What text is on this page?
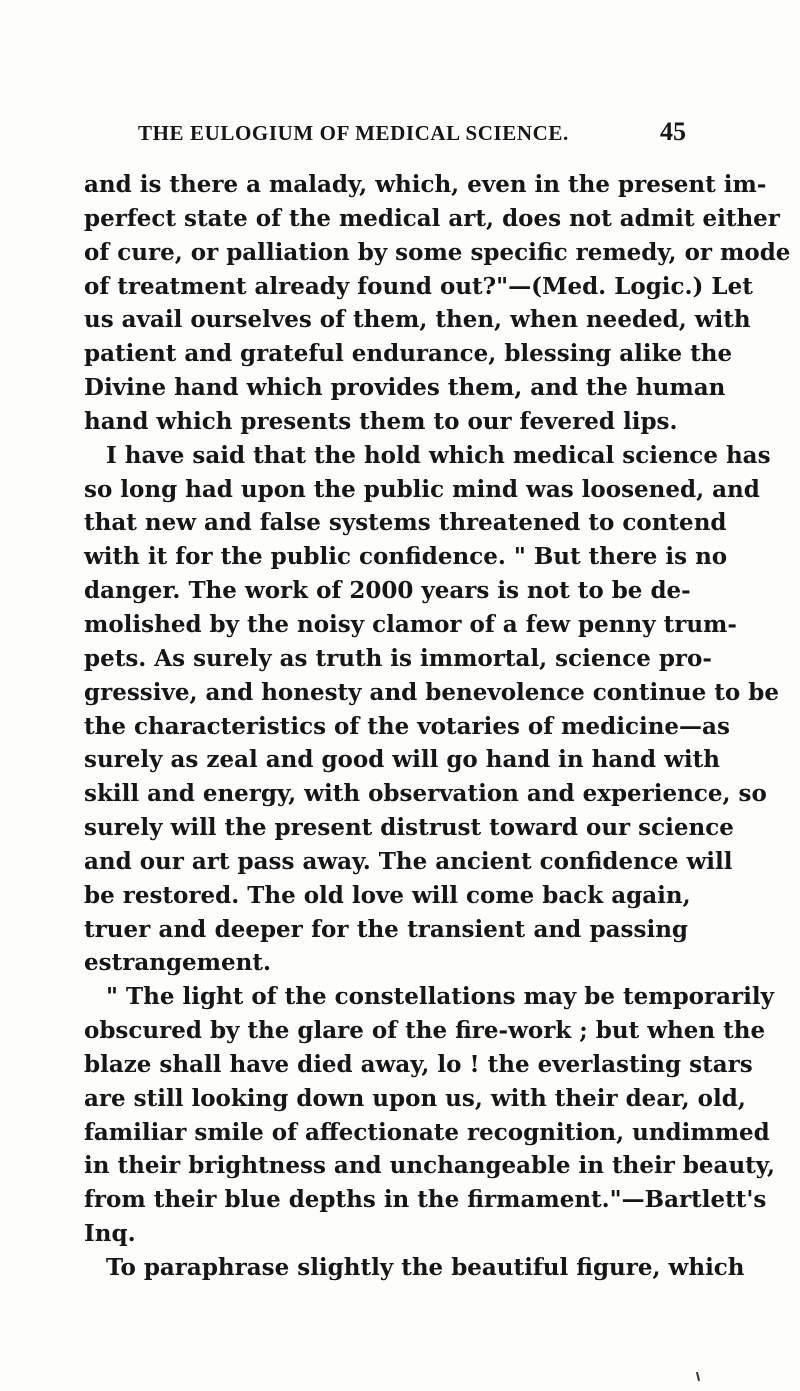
THE EULOGIUM OF MEDICAL SCIENCE.	45
and is there a malady, which, even in the present im-
perfect state of the medical art, does not admit either
of cure, or palliation by some specific remedy, or mode
of treatment already found out?"—(Med. Logic.) Let
us avail ourselves of them, then, when needed, with
patient and grateful endurance, blessing alike the
Divine hand which provides them, and the human
hand which presents them to our fevered lips.
I have said that the hold which medical science has
so long had upon the public mind was loosened, and
that new and false systems threatened to contend
with it for the public confidence. " But there is no
danger. The work of 2000 years is not to be de-
molished by the noisy clamor of a few penny trum-
pets. As surely as truth is immortal, science pro-
gressive, and honesty and benevolence continue to be
the characteristics of the votaries of medicine—as
surely as zeal and good will go hand in hand with
skill and energy, with observation and experience, so
surely will the present distrust toward our science
and our art pass away. The ancient confidence will
be restored. The old love will come back again,
truer and deeper for the transient and passing
estrangement.
" The light of the constellations may be temporarily
obscured by the glare of the fire-work ; but when the
blaze shall have died away, lo ! the everlasting stars
are still looking down upon us, with their dear, old,
familiar smile of affectionate recognition, undimmed
in their brightness and unchangeable in their beauty,
from their blue depths in the firmament."—Bartlett's
Inq.
To paraphrase slightly the beautiful figure, which
